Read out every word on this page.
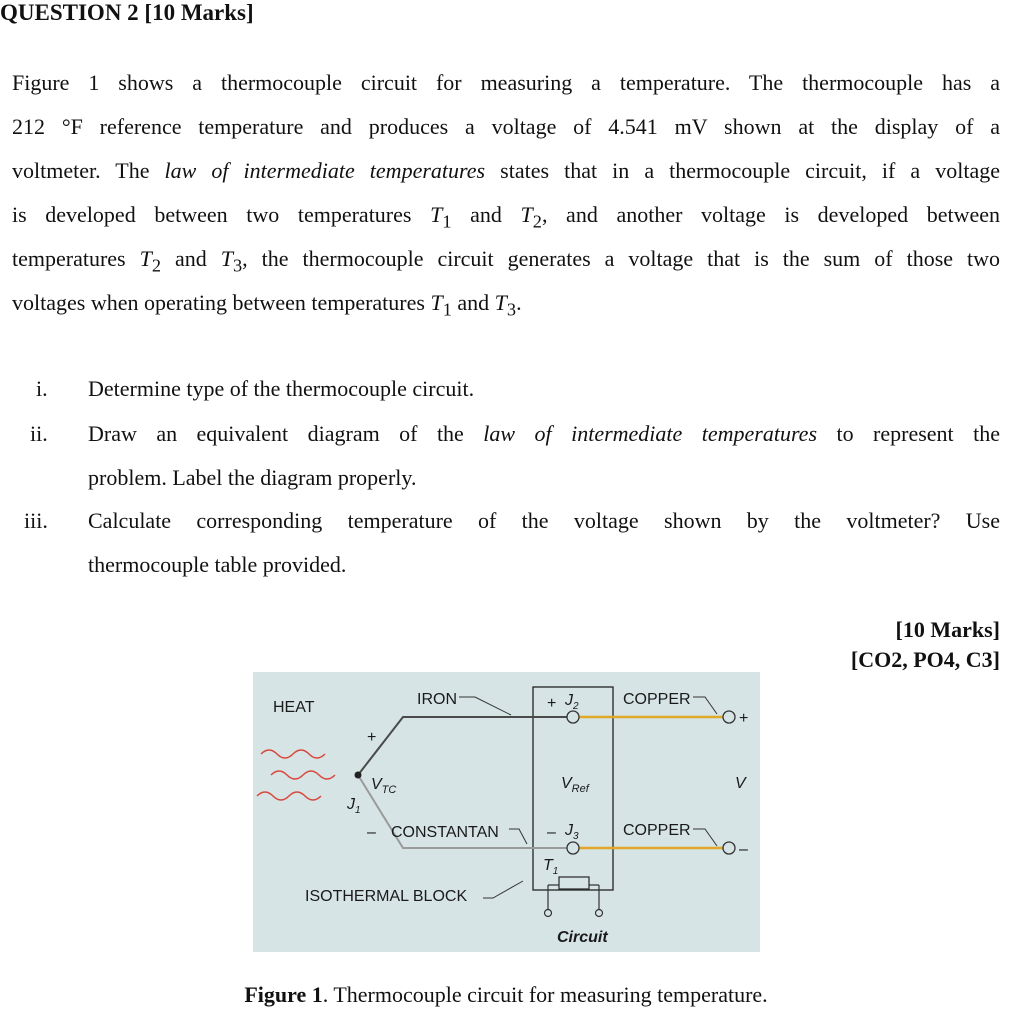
QUESTION 2 [10 Marks]
Figure 1 shows a thermocouple circuit for measuring a temperature. The thermocouple has a
212 °F reference temperature and produces a voltage of 4.541 mV shown at the display of a
voltmeter. The law of intermediate temperatures states that in a thermocouple circuit, if a voltage
is developed between two temperatures $T_1$ and $T_2$, and another voltage is developed between
temperatures $T_2$ and $T_3$, the thermocouple circuit generates a voltage that is the sum of those two
voltages when operating between temperatures $T_1$ and $T_3$.
i. Determine type of the thermocouple circuit.
ii. Draw an equivalent diagram of the law of intermediate temperatures to represent the
problem. Label the diagram properly.
iii. Calculate corresponding temperature of the voltage shown by the voltmeter? Use
thermocouple table provided.
[10 Marks]
[CO2, PO4, C3]
HEAT	IRON
CONSTANTAN
COPPER
COPPER
ISOTHERMAL BLOCK
+
–
+
–
+
–
$V_{TC}$	$V_{Ref}$	V
$J_1$
$J_2$
$J_3$
$T_1$
Circuit
Figure 1. Thermocouple circuit for measuring temperature.
